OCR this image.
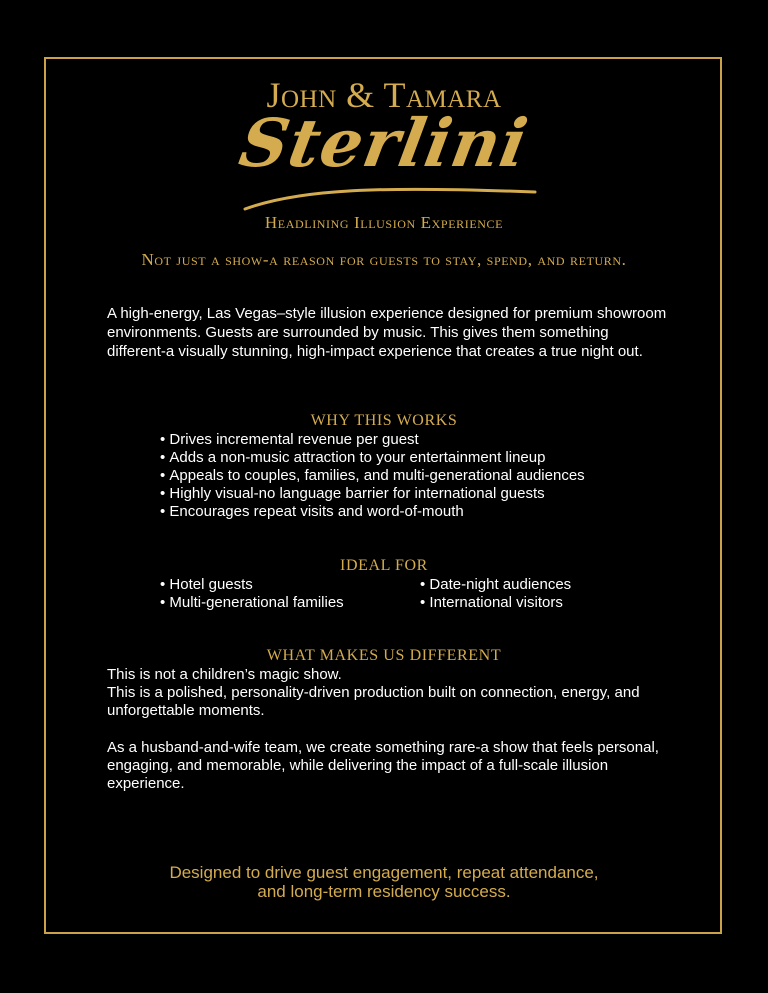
John & Tamara
Sterlini
Headlining Illusion Experience
Not just a show-a reason for guests to stay, spend, and return.
A high-energy, Las Vegas–style illusion experience designed for premium showroom environments. Guests are surrounded by music. This gives them something different-a visually stunning, high-impact experience that creates a true night out.
WHY THIS WORKS
• Drives incremental revenue per guest
• Adds a non-music attraction to your entertainment lineup
• Appeals to couples, families, and multi-generational audiences
• Highly visual-no language barrier for international guests
• Encourages repeat visits and word-of-mouth
IDEAL FOR
• Hotel guests
• Multi-generational families
• Date-night audiences
• International visitors
WHAT MAKES US DIFFERENT
This is not a children’s magic show.
This is a polished, personality-driven production built on connection, energy, and unforgettable moments.
As a husband-and-wife team, we create something rare-a show that feels personal, engaging, and memorable, while delivering the impact of a full-scale illusion experience.
Designed to drive guest engagement, repeat attendance,
and long-term residency success.
